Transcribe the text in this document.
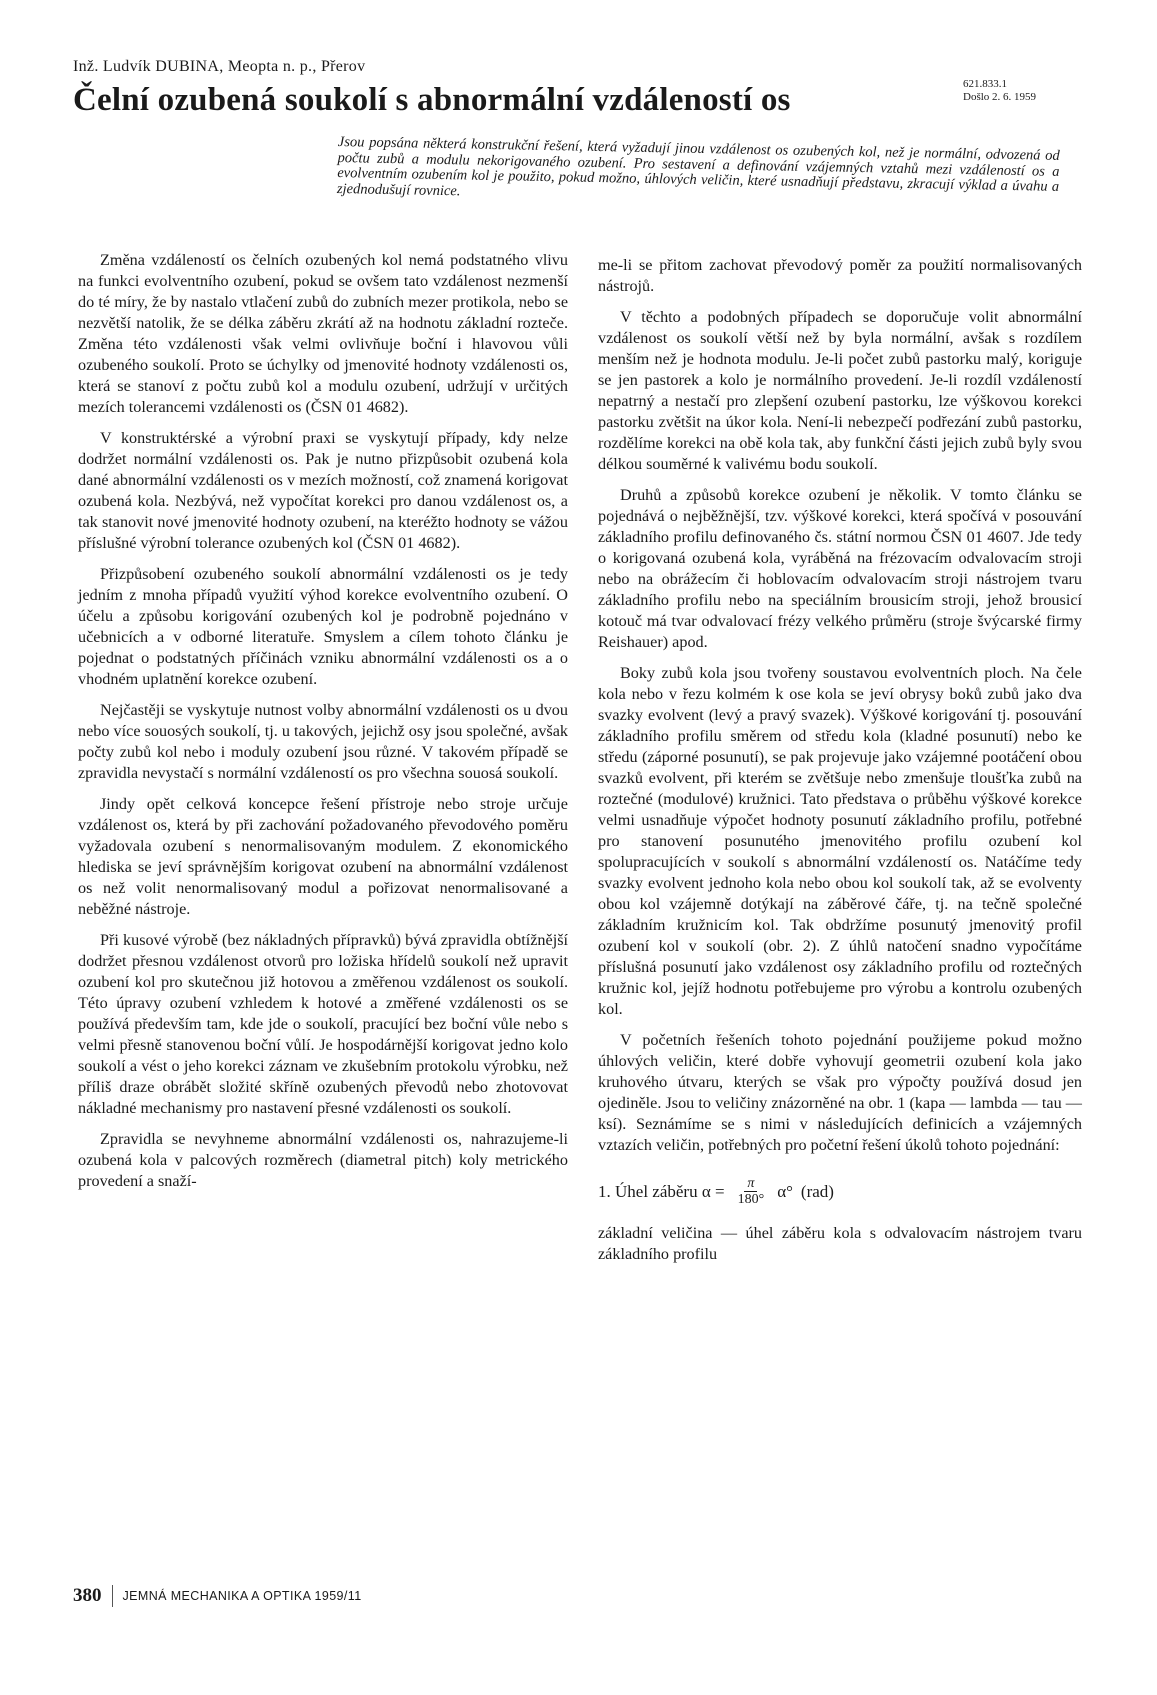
Inž. Ludvík DUBINA, Meopta n. p., Přerov
Čelní ozubená soukolí s abnormální vzdáleností os	621.833.1
Došlo 2. 6. 1959
Jsou popsána některá konstrukční řešení, která vyžadují jinou vzdálenost os ozubených kol, než je normální, odvozená od počtu zubů a modulu nekorigovaného ozubení. Pro sestavení a definování vzájemných vztahů mezi vzdáleností os a evolventním ozubením kol je použito, pokud možno, úhlových veličin, které usnadňují představu, zkracují výklad a úvahu a zjednodušují rovnice.

Změna vzdáleností os čelních ozubených kol nemá podstatného vlivu na funkci evolventního ozubení, pokud se ovšem tato vzdálenost nezmenší do té míry, že by nastalo vtlačení zubů do zubních mezer protikola, nebo se nezvětší natolik, že se délka záběru zkrátí až na hodnotu základní rozteče. Změna této vzdálenosti však velmi ovlivňuje boční i hlavovou vůli ozubeného soukolí. Proto se úchylky od jmenovité hodnoty vzdálenosti os, která se stanoví z počtu zubů kol a modulu ozubení, udržují v určitých mezích tolerancemi vzdálenosti os (ČSN 01 4682).

V konstruktérské a výrobní praxi se vyskytují případy, kdy nelze dodržet normální vzdálenosti os. Pak je nutno přizpůsobit ozubená kola dané abnormální vzdálenosti os v mezích možností, což znamená korigovat ozubená kola. Nezbývá, než vypočítat korekci pro danou vzdálenost os, a tak stanovit nové jmenovité hodnoty ozubení, na kteréžto hodnoty se vážou příslušné výrobní tolerance ozubených kol (ČSN 01 4682).

Přizpůsobení ozubeného soukolí abnormální vzdálenosti os je tedy jedním z mnoha případů využití výhod korekce evolventního ozubení. O účelu a způsobu korigování ozubených kol je podrobně pojednáno v učebnicích a v odborné literatuře. Smyslem a cílem tohoto článku je pojednat o podstatných příčinách vzniku abnormální vzdálenosti os a o vhodném uplatnění korekce ozubení.

Nejčastěji se vyskytuje nutnost volby abnormální vzdálenosti os u dvou nebo více souosých soukolí, tj. u takových, jejichž osy jsou společné, avšak počty zubů kol nebo i moduly ozubení jsou různé. V takovém případě se zpravidla nevystačí s normální vzdáleností os pro všechna souosá soukolí.

Jindy opět celková koncepce řešení přístroje nebo stroje určuje vzdálenost os, která by při zachování požadovaného převodového poměru vyžadovala ozubení s nenormalisovaným modulem. Z ekonomického hlediska se jeví správnějším korigovat ozubení na abnormální vzdálenost os než volit nenormalisovaný modul a pořizovat nenormalisované a neběžné nástroje.

Při kusové výrobě (bez nákladných přípravků) bývá zpravidla obtížnější dodržet přesnou vzdálenost otvorů pro ložiska hřídelů soukolí než upravit ozubení kol pro skutečnou již hotovou a změřenou vzdálenost os soukolí. Této úpravy ozubení vzhledem k hotové a změřené vzdálenosti os se používá především tam, kde jde o soukolí, pracující bez boční vůle nebo s velmi přesně stanovenou boční vůlí. Je hospodárnější korigovat jedno kolo soukolí a vést o jeho korekci záznam ve zkušebním protokolu výrobku, než příliš draze obrábět složité skříně ozubených převodů nebo zhotovovat nákladné mechanismy pro nastavení přesné vzdálenosti os soukolí.

Zpravidla se nevyhneme abnormální vzdálenosti os, nahrazujeme-li ozubená kola v palcových rozměrech (diametral pitch) koly metrického provedení a snaží-

me-li se přitom zachovat převodový poměr za použití normalisovaných nástrojů.

V těchto a podobných případech se doporučuje volit abnormální vzdálenost os soukolí větší než by byla normální, avšak s rozdílem menším než je hodnota modulu. Je-li počet zubů pastorku malý, koriguje se jen pastorek a kolo je normálního provedení. Je-li rozdíl vzdáleností nepatrný a nestačí pro zlepšení ozubení pastorku, lze výškovou korekci pastorku zvětšit na úkor kola. Není-li nebezpečí podřezání zubů pastorku, rozdělíme korekci na obě kola tak, aby funkční části jejich zubů byly svou délkou souměrné k valivému bodu soukolí.

Druhů a způsobů korekce ozubení je několik. V tomto článku se pojednává o nejběžnější, tzv. výškové korekci, která spočívá v posouvání základního profilu definovaného čs. státní normou ČSN 01 4607. Jde tedy o korigovaná ozubená kola, vyráběná na frézovacím odvalovacím stroji nebo na obrážecím či hoblovacím odvalovacím stroji nástrojem tvaru základního profilu nebo na speciálním brousicím stroji, jehož brousicí kotouč má tvar odvalovací frézy velkého průměru (stroje švýcarské firmy Reishauer) apod.

Boky zubů kola jsou tvořeny soustavou evolventních ploch. Na čele kola nebo v řezu kolmém k ose kola se jeví obrysy boků zubů jako dva svazky evolvent (levý a pravý svazek). Výškové korigování tj. posouvání základního profilu směrem od středu kola (kladné posunutí) nebo ke středu (záporné posunutí), se pak projevuje jako vzájemné pootáčení obou svazků evolvent, při kterém se zvětšuje nebo zmenšuje tloušťka zubů na roztečné (modulové) kružnici. Tato představa o průběhu výškové korekce velmi usnadňuje výpočet hodnoty posunutí základního profilu, potřebné pro stanovení posunutého jmenovitého profilu ozubení kol spolupracujících v soukolí s abnormální vzdáleností os. Natáčíme tedy svazky evolvent jednoho kola nebo obou kol soukolí tak, až se evolventy obou kol vzájemně dotýkají na záběrové čáře, tj. na tečně společné základním kružnicím kol. Tak obdržíme posunutý jmenovitý profil ozubení kol v soukolí (obr. 2). Z úhlů natočení snadno vypočítáme příslušná posunutí jako vzdálenost osy základního profilu od roztečných kružnic kol, jejíž hodnotu potřebujeme pro výrobu a kontrolu ozubených kol.

V početních řešeních tohoto pojednání použijeme pokud možno úhlových veličin, které dobře vyhovují geometrii ozubení kola jako kruhového útvaru, kterých se však pro výpočty používá dosud jen ojediněle. Jsou to veličiny znázorněné na obr. 1 (kapa — lambda — tau — ksí). Seznámíme se s nimi v následujících definicích a vzájemných vztazích veličin, potřebných pro početní řešení úkolů tohoto pojednání:

1. Úhel záběru $\alpha = \frac{\pi}{180^\circ} \alpha^\circ$ (rad)

základní veličina — úhel záběru kola s odvalovacím nástrojem tvaru základního profilu

380 JEMNÁ MECHANIKA A OPTIKA 1959/11
